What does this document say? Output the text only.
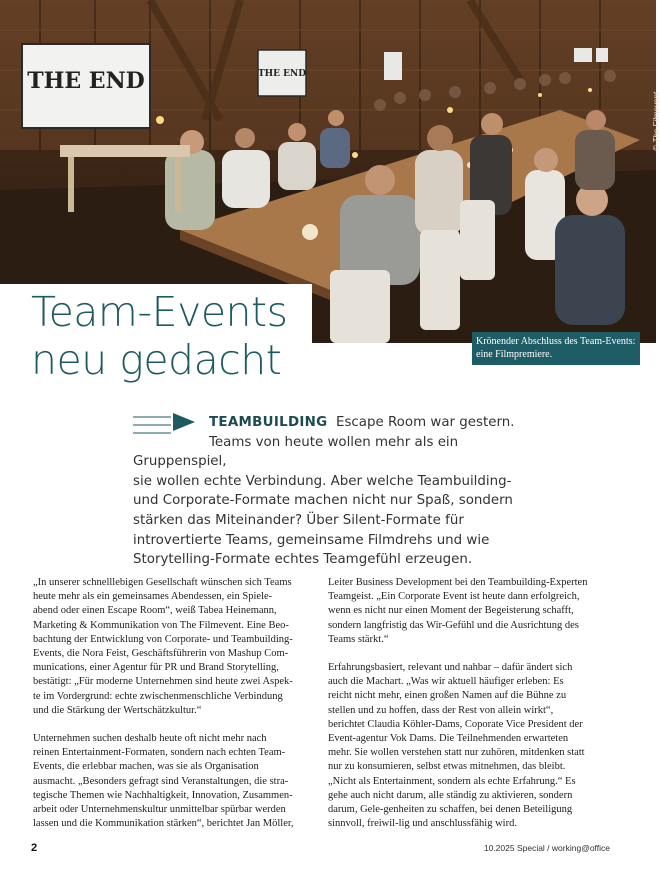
THE END	THE END
© The Filmevent
Team-Events
neu gedacht	Krönender Abschluss des Team-Events: eine Filmpremiere.
TEAMBUILDING Escape Room war gestern.
Teams von heute wollen mehr als ein Gruppenspiel,
sie wollen echte Verbindung. Aber welche Teambuilding- und Corporate-Formate machen nicht nur Spaß, sondern stärken das Miteinander? Über Silent-Formate für introvertierte Teams, gemeinsame Filmdrehs und wie Storytelling-Formate echtes Teamgefühl erzeugen.

„In unserer schnelllebigen Gesellschaft wünschen sich Teams heute mehr als ein gemeinsames Abendessen, ein Spiele-abend oder einen Escape Room“, weiß Tabea Heinemann, Marketing & Kommunikation von The Filmevent. Eine Beo-bachtung der Entwicklung von Corporate- und Teambuilding-Events, die Nora Feist, Geschäftsführerin von Mashup Com-munications, einer Agentur für PR und Brand Storytelling, bestätigt: „Für moderne Unternehmen sind heute zwei Aspek-te im Vordergrund: echte zwischenmenschliche Verbindung und die Stärkung der Wertschätzkultur.“

Unternehmen suchen deshalb heute oft nicht mehr nach reinen Entertainment-Formaten, sondern nach echten Team-Events, die erlebbar machen, was sie als Organisation ausmacht. „Besonders gefragt sind Veranstaltungen, die stra-tegische Themen wie Nachhaltigkeit, Innovation, Zusammen-arbeit oder Unternehmenskultur unmittelbar spürbar werden lassen und die Kommunikation stärken“, berichtet Jan Möller,

Leiter Business Development bei den Teambuilding-Experten Teamgeist. „Ein Corporate Event ist heute dann erfolgreich, wenn es nicht nur einen Moment der Begeisterung schafft, sondern langfristig das Wir-Gefühl und die Ausrichtung des Teams stärkt.“

Erfahrungsbasiert, relevant und nahbar – dafür ändert sich auch die Machart. „Was wir aktuell häufiger erleben: Es reicht nicht mehr, einen großen Namen auf die Bühne zu stellen und zu hoffen, dass der Rest von allein wirkt“, berichtet Claudia Köhler-Dams, Coporate Vice President der Event-agentur Vok Dams. Die Teilnehmenden erwarteten mehr. Sie wollen verstehen statt nur zuhören, mitdenken statt nur zu konsumieren, selbst etwas mitnehmen, das bleibt. „Nicht als Entertainment, sondern als echte Erfahrung.“ Es gehe auch nicht darum, alle ständig zu aktivieren, sondern darum, Gele-genheiten zu schaffen, bei denen Beteiligung sinnvoll, freiwil-lig und anschlussfähig wird.

2	10.2025 Special / working@office
